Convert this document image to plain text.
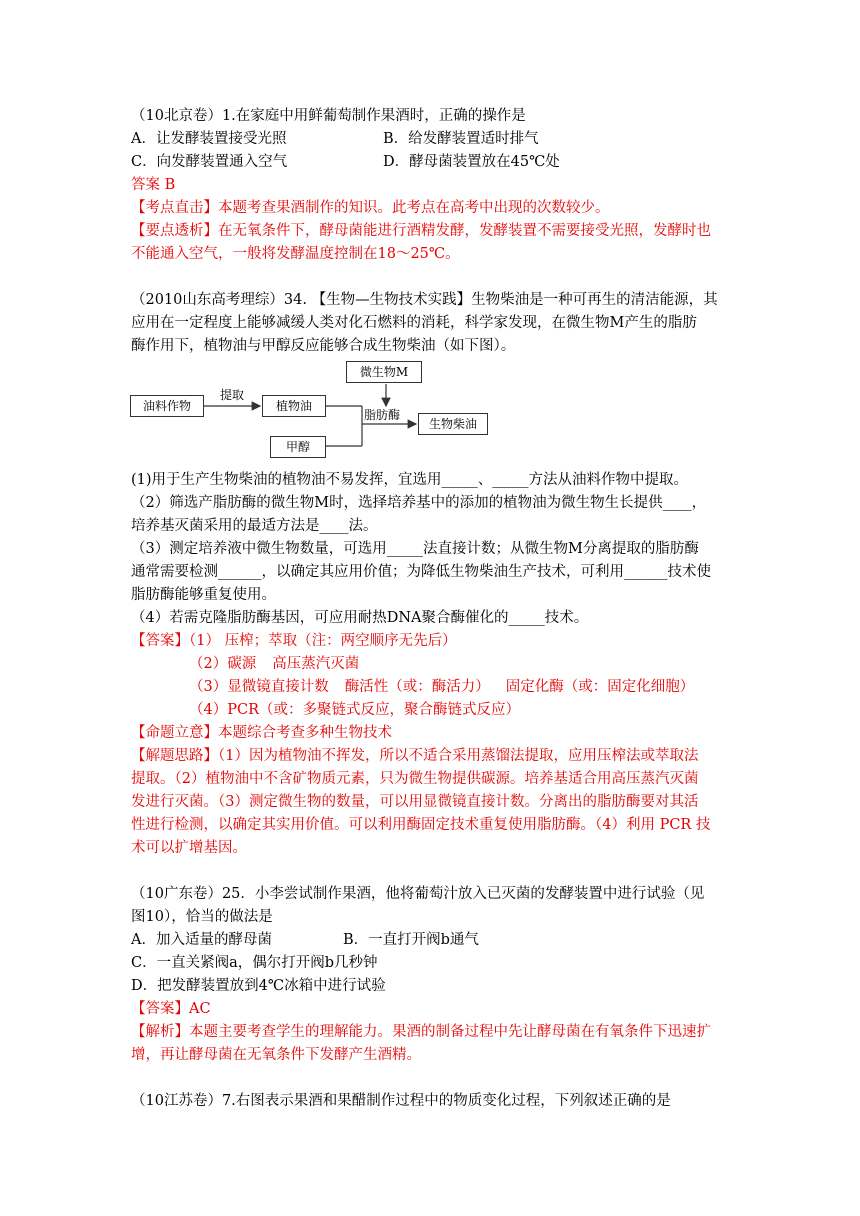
（10北京卷）1.在家庭中用鲜葡萄制作果酒时，正确的操作是
A．让发酵装置接受光照	B．给发酵装置适时排气
C．向发酵装置通入空气	D．酵母菌装置放在45℃处
答案 B
【考点直击】本题考查果酒制作的知识。此考点在高考中出现的次数较少。
【要点透析】在无氧条件下，酵母菌能进行酒精发酵，发酵装置不需要接受光照，发酵时也
不能通入空气，一般将发酵温度控制在18～25℃。
（2010山东高考理综）34. 【生物—生物技术实践】生物柴油是一种可再生的清洁能源，其
应用在一定程度上能够减缓人类对化石燃料的消耗，科学家发现，在微生物M产生的脂肪
酶作用下，植物油与甲醇反应能够合成生物柴油（如下图）。
油料作物
提取
植物油
微生物M
脂肪酶
生物柴油
甲醇
(1)用于生产生物柴油的植物油不易发挥，宜选用_____、_____方法从油料作物中提取。
（2）筛选产脂肪酶的微生物M时，选择培养基中的添加的植物油为微生物生长提供____，
培养基灭菌采用的最适方法是____法。
（3）测定培养液中微生物数量，可选用_____法直接计数；从微生物M分离提取的脂肪酶
通常需要检测______，以确定其应用价值；为降低生物柴油生产技术，可利用______技术使
脂肪酶能够重复使用。
（4）若需克隆脂肪酶基因，可应用耐热DNA聚合酶催化的_____技术。
【答案】（1） 压榨；萃取（注：两空顺序无先后）
（2）碳源 高压蒸汽灭菌
（3）显微镜直接计数 酶活性（或：酶活力） 固定化酶（或：固定化细胞）
（4）PCR（或：多聚链式反应，聚合酶链式反应）
【命题立意】本题综合考查多种生物技术
【解题思路】（1）因为植物油不挥发，所以不适合采用蒸馏法提取，应用压榨法或萃取法
提取。（2）植物油中不含矿物质元素，只为微生物提供碳源。培养基适合用高压蒸汽灭菌
发进行灭菌。（3）测定微生物的数量，可以用显微镜直接计数。分离出的脂肪酶要对其活
性进行检测，以确定其实用价值。可以利用酶固定技术重复使用脂肪酶。（4）利用 PCR 技
术可以扩增基因。
（10广东卷）25．小李尝试制作果酒，他将葡萄汁放入已灭菌的发酵装置中进行试验（见
图10），恰当的做法是
A．加入适量的酵母菌	B．一直打开阀b通气
C．一直关紧阀a，偶尔打开阀b几秒钟
D．把发酵装置放到4℃冰箱中进行试验
【答案】AC
【解析】本题主要考查学生的理解能力。果酒的制备过程中先让酵母菌在有氧条件下迅速扩
增，再让酵母菌在无氧条件下发酵产生酒精。
（10江苏卷）7.右图表示果酒和果醋制作过程中的物质变化过程，下列叙述正确的是
